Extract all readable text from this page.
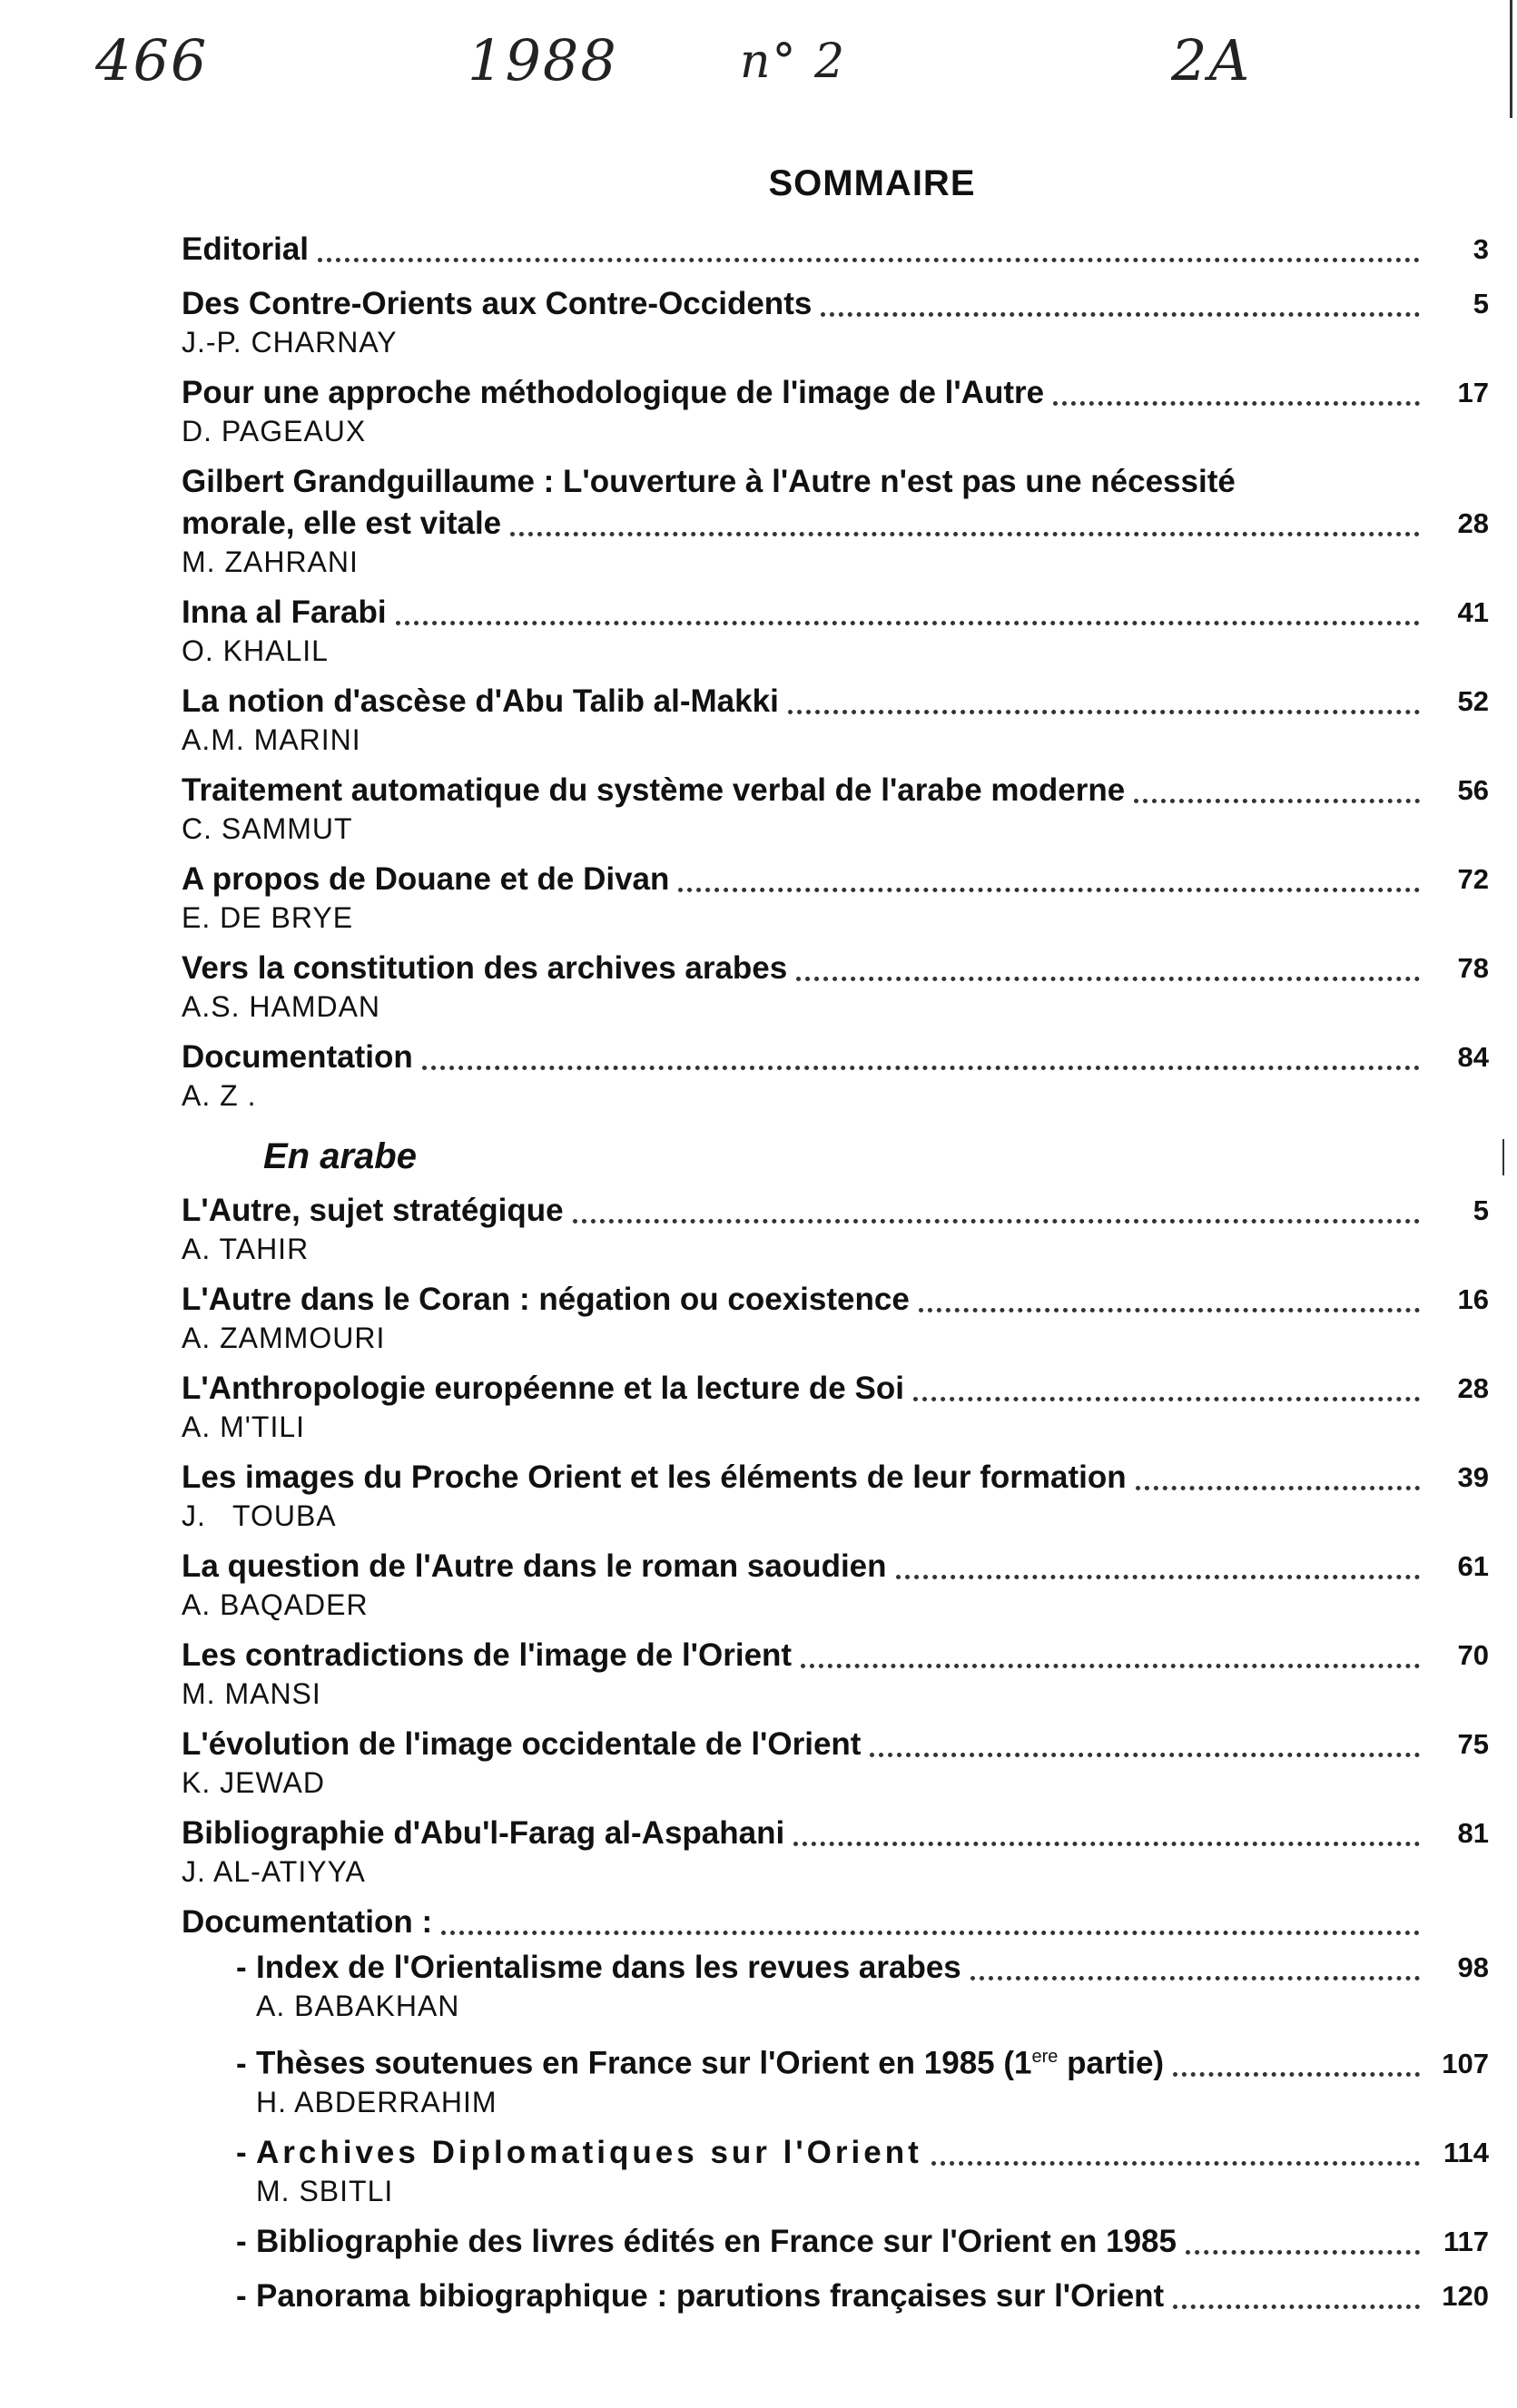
466	1988	n° 2	2A
SOMMAIRE
Editorial	3
Des Contre-Orients aux Contre-Occidents	5
J.-P. CHARNAY
Pour une approche méthodologique de l'image de l'Autre	17
D. PAGEAUX
Gilbert Grandguillaume : L'ouverture à l'Autre n'est pas une nécessité
morale, elle est vitale	28
M. ZAHRANI
Inna al Farabi	41
O. KHALIL
La notion d'ascèse d'Abu Talib al-Makki	52
A.M. MARINI
Traitement automatique du système verbal de l'arabe moderne	56
C. SAMMUT
A propos de Douane et de Divan	72
E. DE BRYE
Vers la constitution des archives arabes	78
A.S. HAMDAN
Documentation	84
A. Z .
En arabe
L'Autre, sujet stratégique	5
A. TAHIR
L'Autre dans le Coran : négation ou coexistence	16
A. ZAMMOURI
L'Anthropologie européenne et la lecture de Soi	28
A. M'TILI
Les images du Proche Orient et les éléments de leur formation	39
J.   TOUBA
La question de l'Autre dans le roman saoudien	61
A. BAQADER
Les contradictions de l'image de l'Orient	70
M. MANSI
L'évolution de l'image occidentale de l'Orient	75
K. JEWAD
Bibliographie d'Abu'l-Farag al-Aspahani	81
J. AL-ATIYYA
Documentation :
- Index de l'Orientalisme dans les revues arabes	98
A. BABAKHAN
- Thèses soutenues en France sur l'Orient en 1985 (1ere partie)	107
H. ABDERRAHIM
- Archives Diplomatiques sur l'Orient	114
M. SBITLI
- Bibliographie des livres édités en France sur l'Orient en 1985	117
- Panorama bibiographique : parutions françaises sur l'Orient	120
